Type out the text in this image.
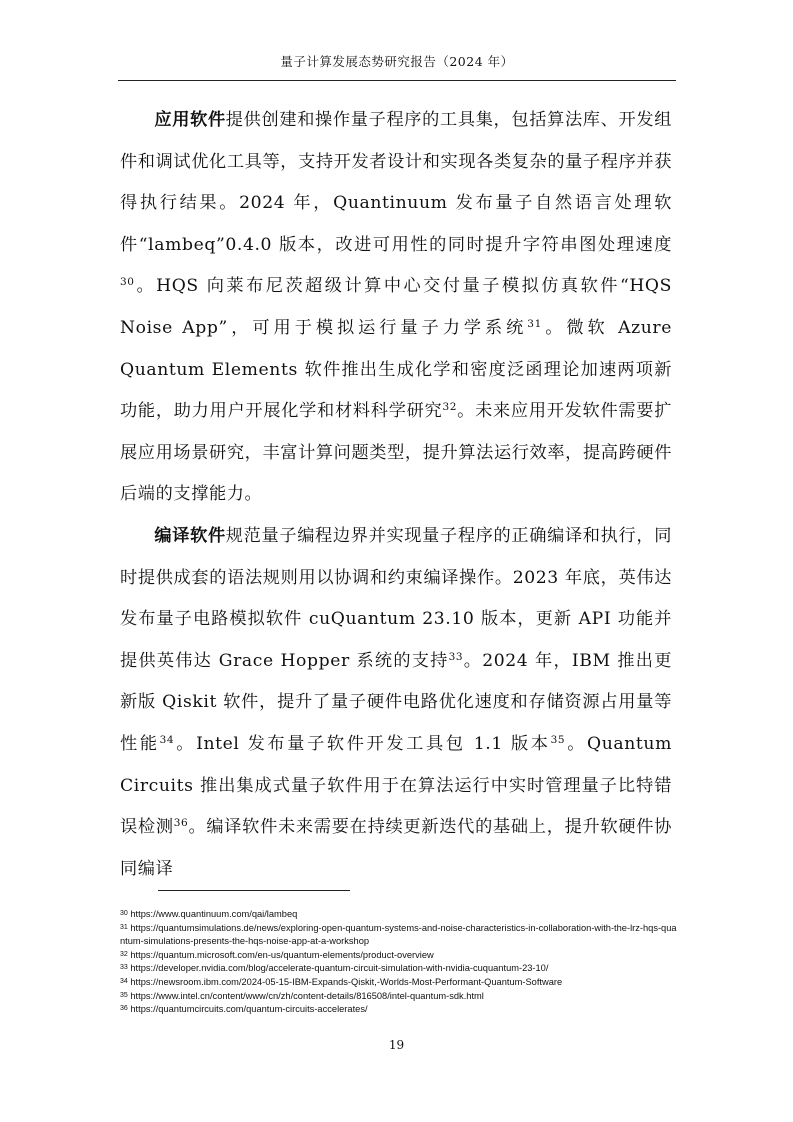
量子计算发展态势研究报告（2024 年）

应用软件提供创建和操作量子程序的工具集，包括算法库、开发组件和调试优化工具等，支持开发者设计和实现各类复杂的量子程序并获得执行结果。2024 年，Quantinuum 发布量子自然语言处理软件“lambeq”0.4.0 版本，改进可用性的同时提升字符串图处理速度$^{30}$。HQS 向莱布尼茨超级计算中心交付量子模拟仿真软件“HQS Noise App”，可用于模拟运行量子力学系统$^{31}$。微软 Azure Quantum Elements 软件推出生成化学和密度泛函理论加速两项新功能，助力用户开展化学和材料科学研究$^{32}$。未来应用开发软件需要扩展应用场景研究，丰富计算问题类型，提升算法运行效率，提高跨硬件后端的支撑能力。

编译软件规范量子编程边界并实现量子程序的正确编译和执行，同时提供成套的语法规则用以协调和约束编译操作。2023 年底，英伟达发布量子电路模拟软件 cuQuantum 23.10 版本，更新 API 功能并提供英伟达 Grace Hopper 系统的支持$^{33}$。2024 年，IBM 推出更新版 Qiskit 软件，提升了量子硬件电路优化速度和存储资源占用量等性能$^{34}$。Intel 发布量子软件开发工具包 1.1 版本$^{35}$。Quantum Circuits 推出集成式量子软件用于在算法运行中实时管理量子比特错误检测$^{36}$。编译软件未来需要在持续更新迭代的基础上，提升软硬件协同编译

$^{30}$ https://www.quantinuum.com/qai/lambeq

$^{31}$ https://quantumsimulations.de/news/exploring-open-quantum-systems-and-noise-characteristics-in-collaboration-with-the-lrz-hqs-quantum-simulations-presents-the-hqs-noise-app-at-a-workshop

$^{32}$ https://quantum.microsoft.com/en-us/quantum-elements/product-overview

$^{33}$ https://developer.nvidia.com/blog/accelerate-quantum-circuit-simulation-with-nvidia-cuquantum-23-10/

$^{34}$ https://newsroom.ibm.com/2024-05-15-IBM-Expands-Qiskit,-Worlds-Most-Performant-Quantum-Software

$^{35}$ https://www.intel.cn/content/www/cn/zh/content-details/816508/intel-quantum-sdk.html

$^{36}$ https://quantumcircuits.com/quantum-circuits-accelerates/

19
